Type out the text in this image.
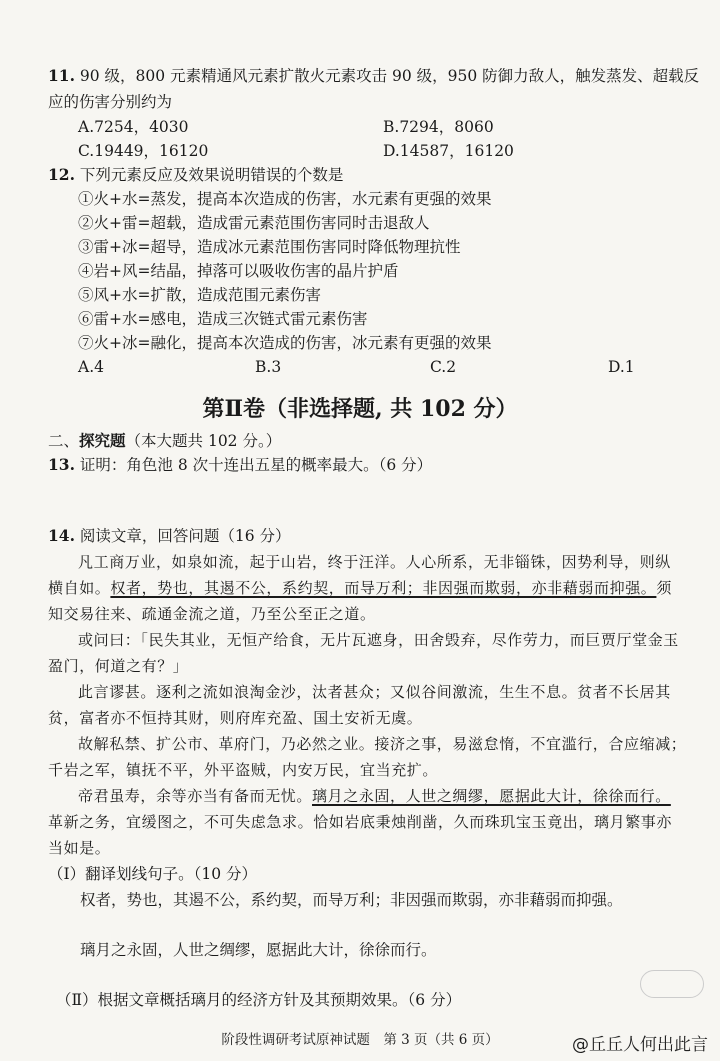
11. 90 级，800 元素精通风元素扩散火元素攻击 90 级，950 防御力敌人，触发蒸发、超载反
应的伤害分别约为
A.7254，4030	B.7294，8060
C.19449，16120	D.14587，16120
12. 下列元素反应及效果说明错误的个数是
①火+水=蒸发，提高本次造成的伤害，水元素有更强的效果
②火+雷=超载，造成雷元素范围伤害同时击退敌人
③雷+冰=超导，造成冰元素范围伤害同时降低物理抗性
④岩+风=结晶，掉落可以吸收伤害的晶片护盾
⑤风+水=扩散，造成范围元素伤害
⑥雷+水=感电，造成三次链式雷元素伤害
⑦火+冰=融化，提高本次造成的伤害，冰元素有更强的效果
A.4	B.3	C.2	D.1
第Ⅱ卷（非选择题, 共 102 分）
二、探究题（本大题共 102 分。）
13. 证明：角色池 8 次十连出五星的概率最大。（6 分）
14. 阅读文章，回答问题（16 分）
凡工商万业，如泉如流，起于山岩，终于汪洋。人心所系，无非锱铢，因势利导，则纵
横自如。权者，势也，其遏不公，系约契，而导万利；非因强而欺弱，亦非藉弱而抑强。须
知交易往来、疏通金流之道，乃至公至正之道。
或问曰：「民失其业，无恒产给食，无片瓦遮身，田舍毁弃，尽作劳力，而巨贾厅堂金玉
盈门，何道之有？」
此言谬甚。逐利之流如浪淘金沙，汰者甚众；又似谷间激流，生生不息。贫者不长居其
贫，富者亦不恒持其财，则府库充盈、国土安祈无虞。
故解私禁、扩公市、革府门，乃必然之业。接济之事，易滋怠惰，不宜滥行，合应缩减；
千岩之军，镇抚不平，外平盗贼，内安万民，宜当充扩。
帝君虽寿，余等亦当有备而无忧。璃月之永固，人世之绸缪，愿据此大计，徐徐而行。
革新之务，宜缓图之，不可失虑急求。恰如岩底秉烛削凿，久而珠玑宝玉竟出，璃月繁事亦
当如是。
（Ⅰ）翻译划线句子。（10 分）
权者，势也，其遏不公，系约契，而导万利；非因强而欺弱，亦非藉弱而抑强。
璃月之永固，人世之绸缪，愿据此大计，徐徐而行。
（Ⅱ）根据文章概括璃月的经济方针及其预期效果。（6 分）
阶段性调研考试原神试题　第 3 页（共 6 页）	@丘丘人何出此言
